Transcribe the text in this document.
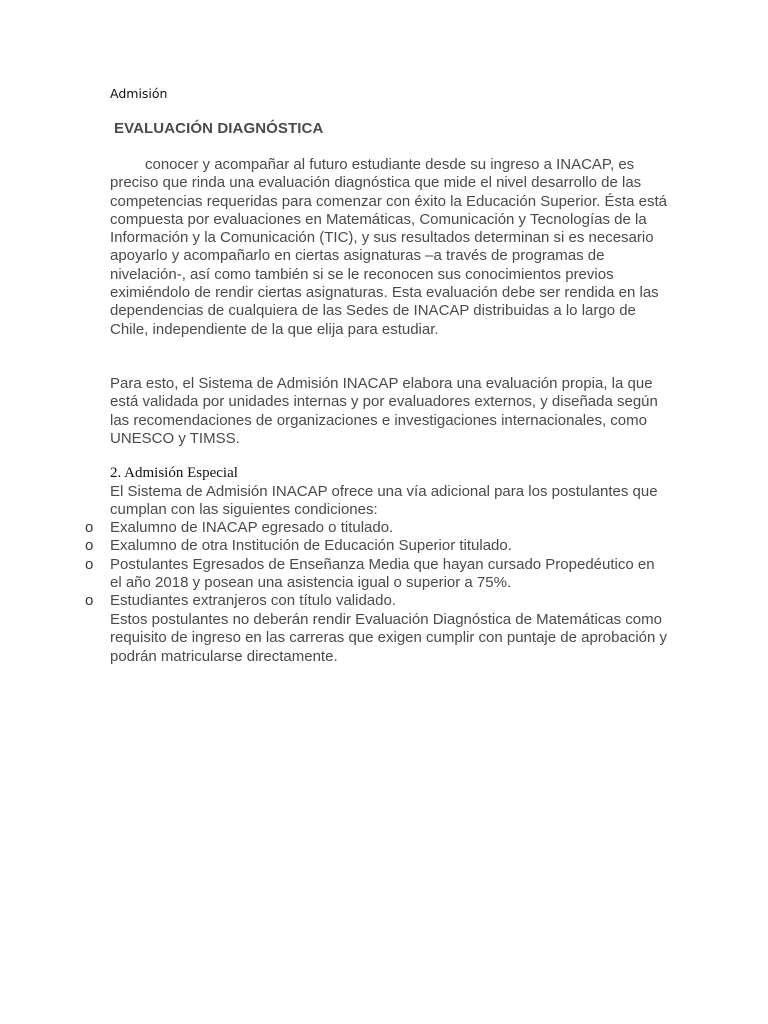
Admisión
EVALUACIÓN DIAGNÓSTICA

conocer y acompañar al futuro estudiante desde su ingreso a INACAP, es preciso que rinda una evaluación diagnóstica que mide el nivel desarrollo de las competencias requeridas para comenzar con éxito la Educación Superior. Ésta está compuesta por evaluaciones en Matemáticas, Comunicación y Tecnologías de la Información y la Comunicación (TIC), y sus resultados determinan si es necesario apoyarlo y acompañarlo en ciertas asignaturas –a través de programas de nivelación-, así como también si se le reconocen sus conocimientos previos eximiéndolo de rendir ciertas asignaturas. Esta evaluación debe ser rendida en las dependencias de cualquiera de las Sedes de INACAP distribuidas a lo largo de Chile, independiente de la que elija para estudiar.

Para esto, el Sistema de Admisión INACAP elabora una evaluación propia, la que está validada por unidades internas y por evaluadores externos, y diseñada según las recomendaciones de organizaciones e investigaciones internacionales, como UNESCO y TIMSS.

2. Admisión Especial

El Sistema de Admisión INACAP ofrece una vía adicional para los postulantes que cumplan con las siguientes condiciones:

o Exalumno de INACAP egresado o titulado.
o Exalumno de otra Institución de Educación Superior titulado.
o Postulantes Egresados de Enseñanza Media que hayan cursado Propedéutico en el año 2018 y posean una asistencia igual o superior a 75%.
o Estudiantes extranjeros con título validado.

Estos postulantes no deberán rendir Evaluación Diagnóstica de Matemáticas como requisito de ingreso en las carreras que exigen cumplir con puntaje de aprobación y podrán matricularse directamente.
